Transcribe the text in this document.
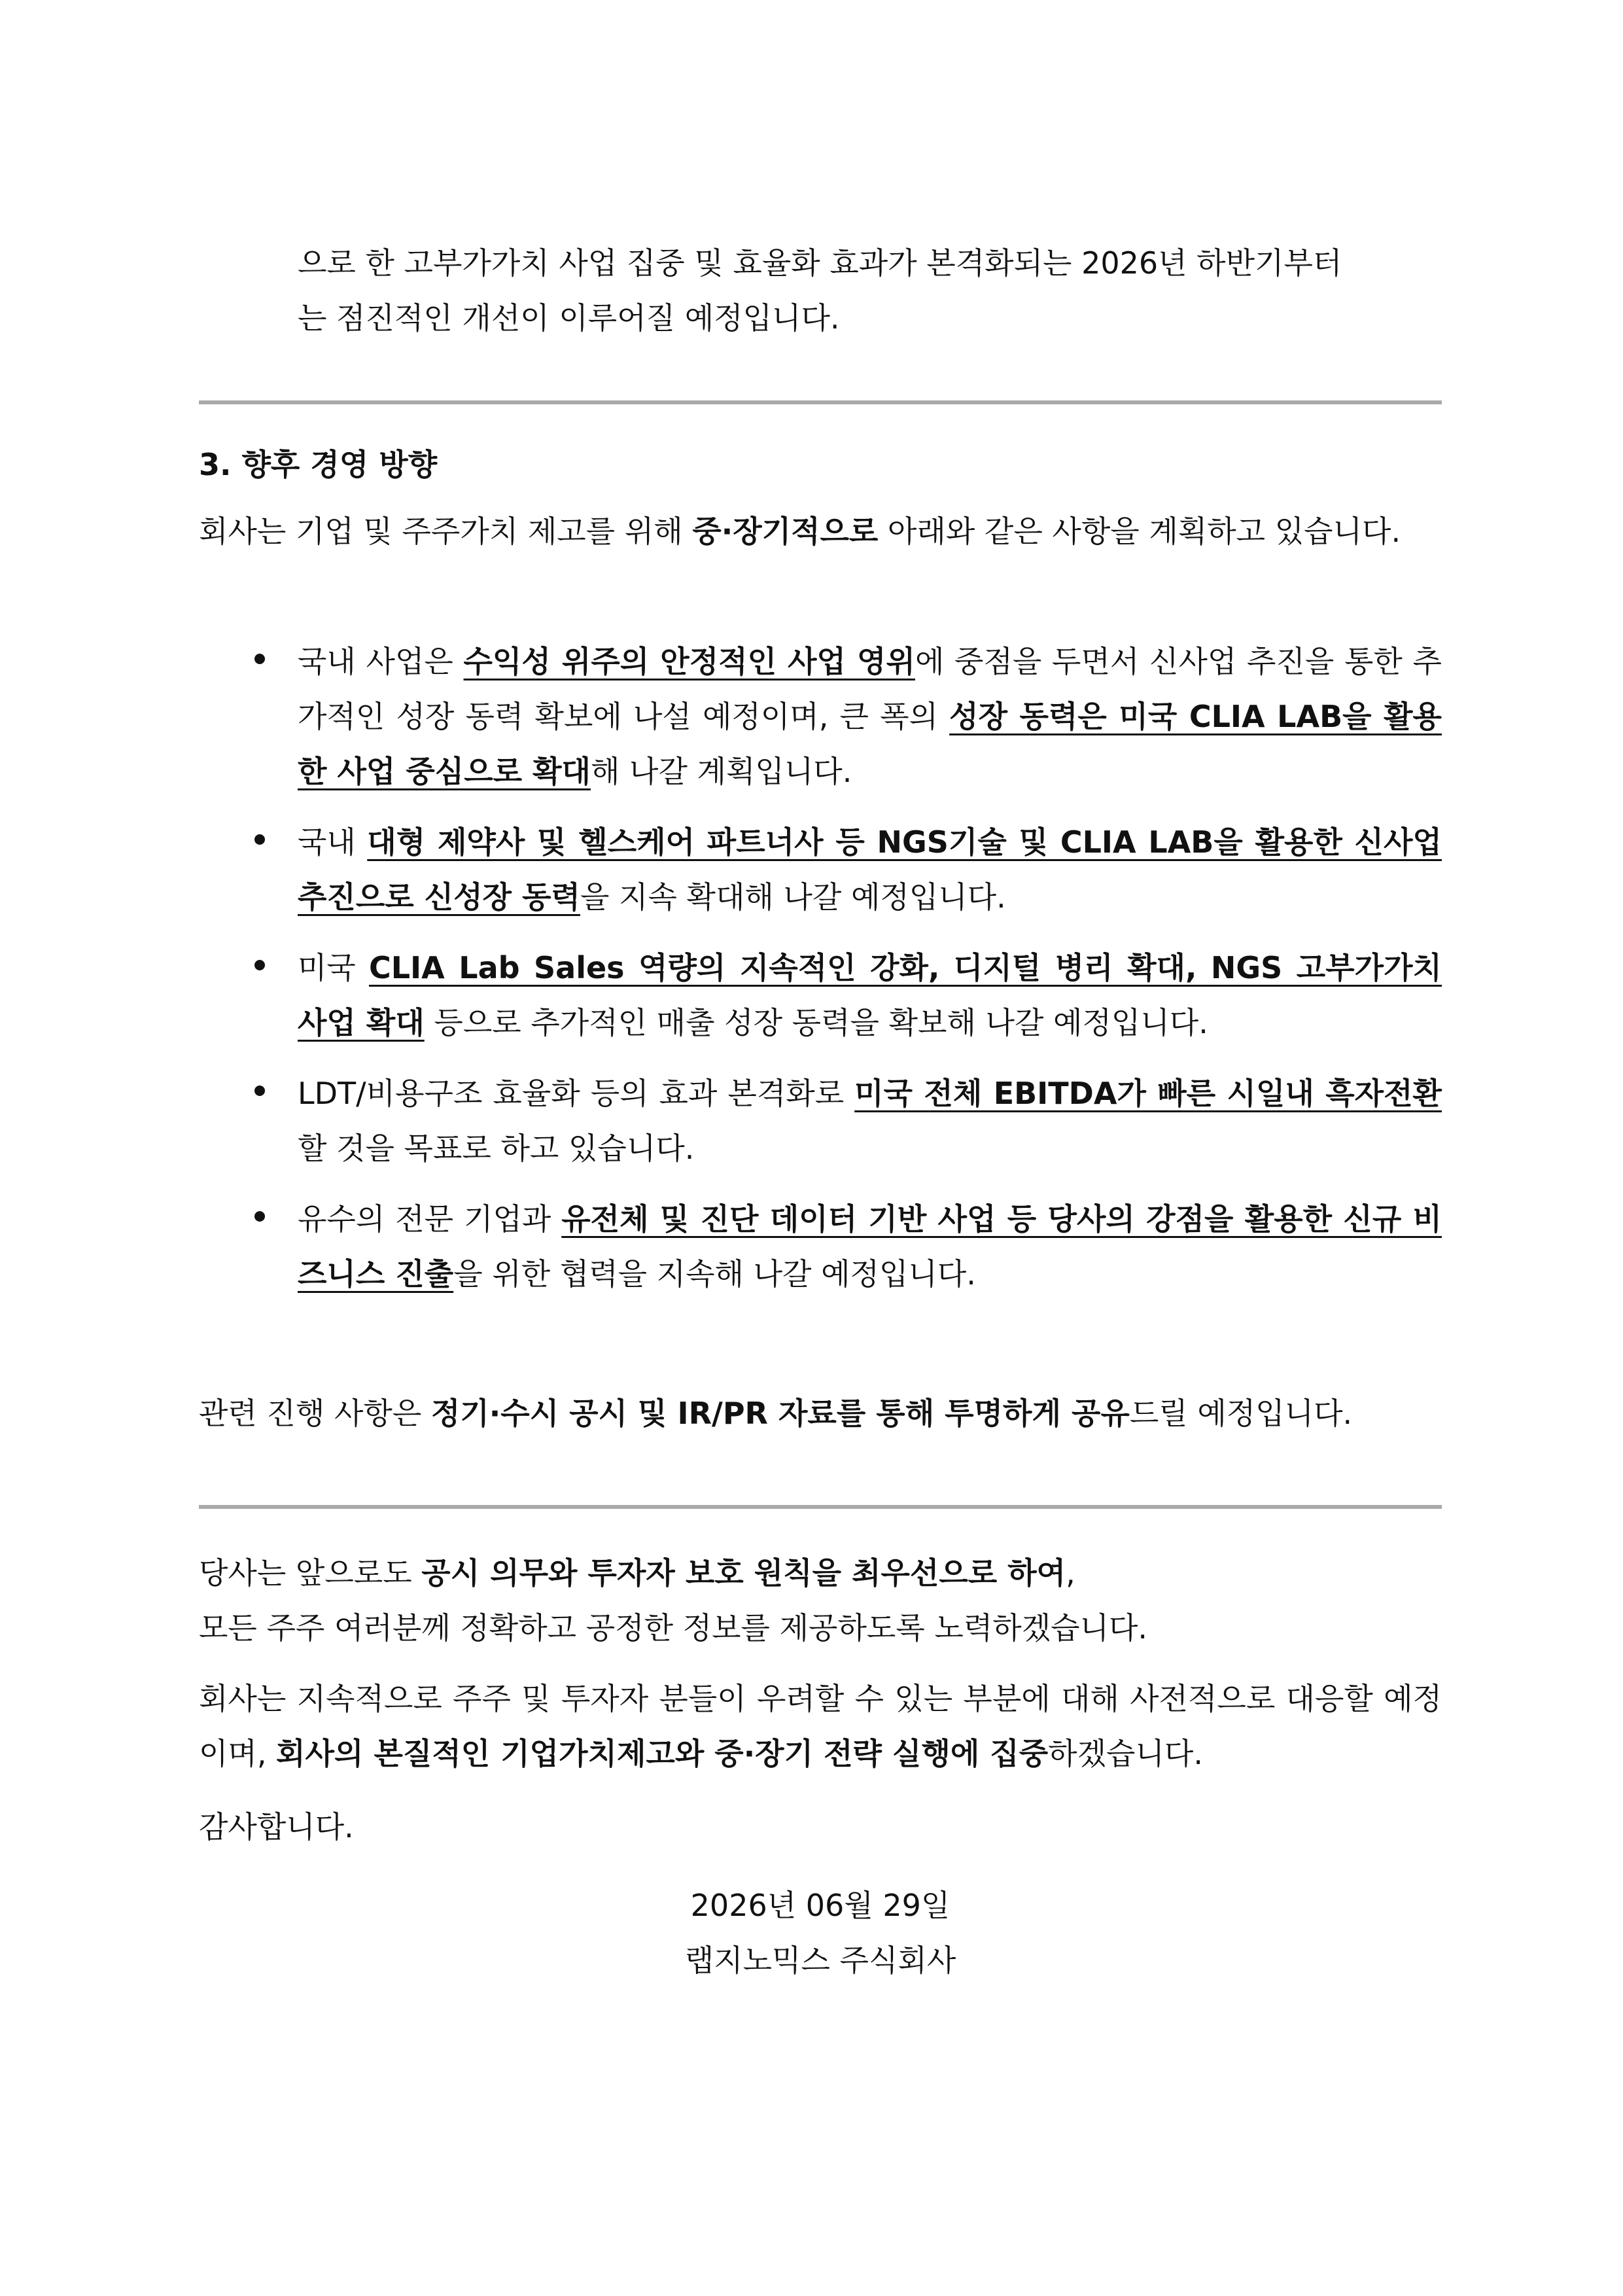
으로 한 고부가가치 사업 집중 및 효율화 효과가 본격화되는 2026년 하반기부터
는 점진적인 개선이 이루어질 예정입니다.

3. 향후 경영 방향

회사는 기업 및 주주가치 제고를 위해 중·장기적으로 아래와 같은 사항을 계획하고 있습니다.

국내 사업은 수익성 위주의 안정적인 사업 영위에 중점을 두면서 신사업 추진을 통한 추가적인 성장 동력 확보에 나설 예정이며, 큰 폭의 성장 동력은 미국 CLIA LAB을 활용한 사업 중심으로 확대해 나갈 계획입니다.
국내 대형 제약사 및 헬스케어 파트너사 등 NGS기술 및 CLIA LAB을 활용한 신사업 추진으로 신성장 동력을 지속 확대해 나갈 예정입니다.
미국 CLIA Lab Sales 역량의 지속적인 강화, 디지털 병리 확대, NGS 고부가가치 사업 확대 등으로 추가적인 매출 성장 동력을 확보해 나갈 예정입니다.
LDT/비용구조 효율화 등의 효과 본격화로 미국 전체 EBITDA가 빠른 시일내 흑자전환할 것을 목표로 하고 있습니다.
유수의 전문 기업과 유전체 및 진단 데이터 기반 사업 등 당사의 강점을 활용한 신규 비즈니스 진출을 위한 협력을 지속해 나갈 예정입니다.

관련 진행 사항은 정기·수시 공시 및 IR/PR 자료를 통해 투명하게 공유드릴 예정입니다.

당사는 앞으로도 공시 의무와 투자자 보호 원칙을 최우선으로 하여,
모든 주주 여러분께 정확하고 공정한 정보를 제공하도록 노력하겠습니다.

회사는 지속적으로 주주 및 투자자 분들이 우려할 수 있는 부분에 대해 사전적으로 대응할 예정이며, 회사의 본질적인 기업가치제고와 중·장기 전략 실행에 집중하겠습니다.

감사합니다.

2026년 06월 29일

랩지노믹스 주식회사
